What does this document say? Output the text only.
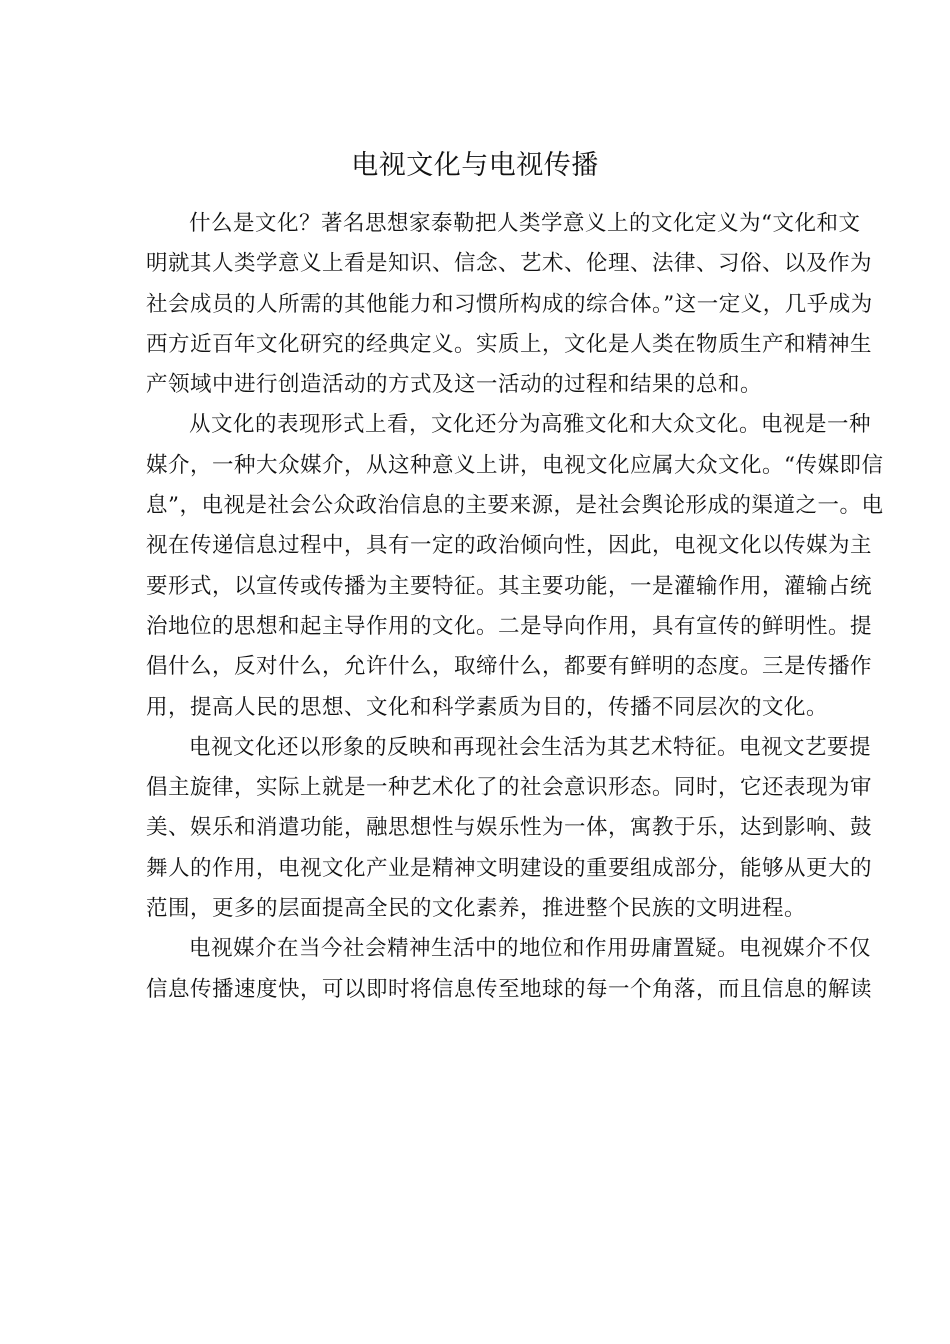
电视文化与电视传播

什么是文化？著名思想家泰勒把人类学意义上的文化定义为“文化和文
明就其人类学意义上看是知识、信念、艺术、伦理、法律、习俗、以及作为
社会成员的人所需的其他能力和习惯所构成的综合体。”这一定义，几乎成为
西方近百年文化研究的经典定义。实质上，文化是人类在物质生产和精神生
产领域中进行创造活动的方式及这一活动的过程和结果的总和。

从文化的表现形式上看，文化还分为高雅文化和大众文化。电视是一种
媒介，一种大众媒介，从这种意义上讲，电视文化应属大众文化。“传媒即信
息”，电视是社会公众政治信息的主要来源，是社会舆论形成的渠道之一。电
视在传递信息过程中，具有一定的政治倾向性，因此，电视文化以传媒为主
要形式，以宣传或传播为主要特征。其主要功能，一是灌输作用，灌输占统
治地位的思想和起主导作用的文化。二是导向作用，具有宣传的鲜明性。提
倡什么，反对什么，允许什么，取缔什么，都要有鲜明的态度。三是传播作
用，提高人民的思想、文化和科学素质为目的，传播不同层次的文化。

电视文化还以形象的反映和再现社会生活为其艺术特征。电视文艺要提
倡主旋律，实际上就是一种艺术化了的社会意识形态。同时，它还表现为审
美、娱乐和消遣功能，融思想性与娱乐性为一体，寓教于乐，达到影响、鼓
舞人的作用，电视文化产业是精神文明建设的重要组成部分，能够从更大的
范围，更多的层面提高全民的文化素养，推进整个民族的文明进程。

电视媒介在当今社会精神生活中的地位和作用毋庸置疑。电视媒介不仅
信息传播速度快，可以即时将信息传至地球的每一个角落，而且信息的解读
